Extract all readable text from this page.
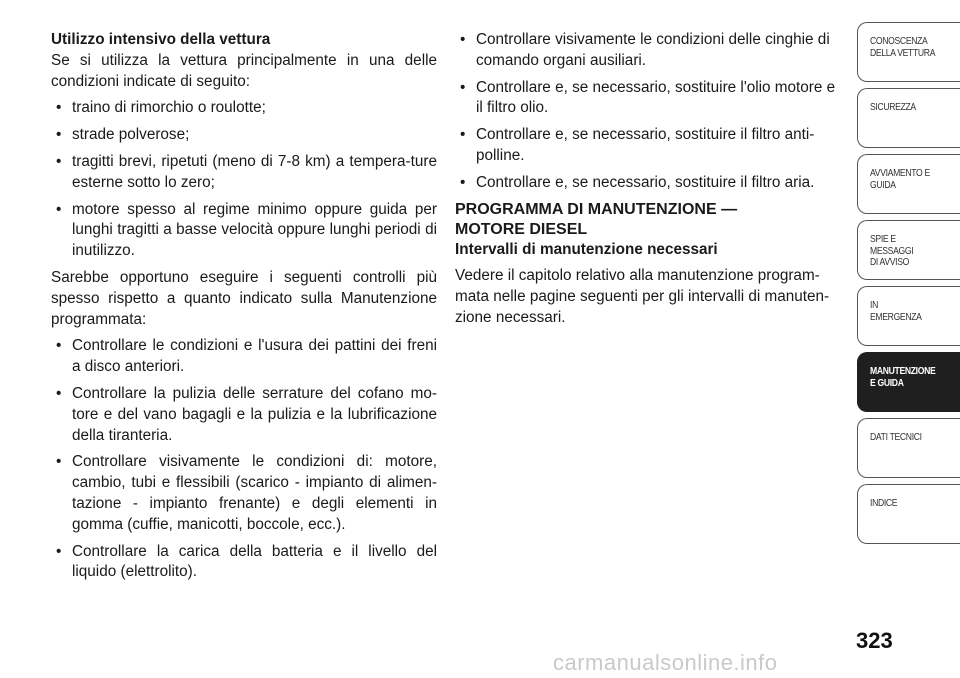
Utilizzo intensivo della vettura

Se si utilizza la vettura principalmente in una delle condizioni indicate di seguito:

• traino di rimorchio o roulotte;
• strade polverose;
• tragitti brevi, ripetuti (meno di 7-8 km) a tempera-ture esterne sotto lo zero;
• motore spesso al regime minimo oppure guida per lunghi tragitti a basse velocità oppure lunghi periodi di inutilizzo.

Sarebbe opportuno eseguire i seguenti controlli più spesso rispetto a quanto indicato sulla Manutenzione programmata:

• Controllare le condizioni e l'usura dei pattini dei freni a disco anteriori.
• Controllare la pulizia delle serrature del cofano mo-tore e del vano bagagli e la pulizia e la lubrificazione della tiranteria.
• Controllare visivamente le condizioni di: motore, cambio, tubi e flessibili (scarico - impianto di alimen-tazione - impianto frenante) e degli elementi in gomma (cuffie, manicotti, boccole, ecc.).
• Controllare la carica della batteria e il livello del liquido (elettrolito).
• Controllare visivamente le condizioni delle cinghie di comando organi ausiliari.
• Controllare e, se necessario, sostituire l'olio motore e il filtro olio.
• Controllare e, se necessario, sostituire il filtro anti-polline.
• Controllare e, se necessario, sostituire il filtro aria.

PROGRAMMA DI MANUTENZIONE —

MOTORE DIESEL

Intervalli di manutenzione necessari

Vedere il capitolo relativo alla manutenzione program-mata nelle pagine seguenti per gli intervalli di manuten-zione necessari.

CONOSCENZA
DELLA VETTURA
SICUREZZA
AVVIAMENTO E
GUIDA
SPIE E
MESSAGGI
DI AVVISO
IN
EMERGENZA
MANUTENZIONE
E GUIDA
DATI TECNICI
INDICE
323
carmanualsonline.info
